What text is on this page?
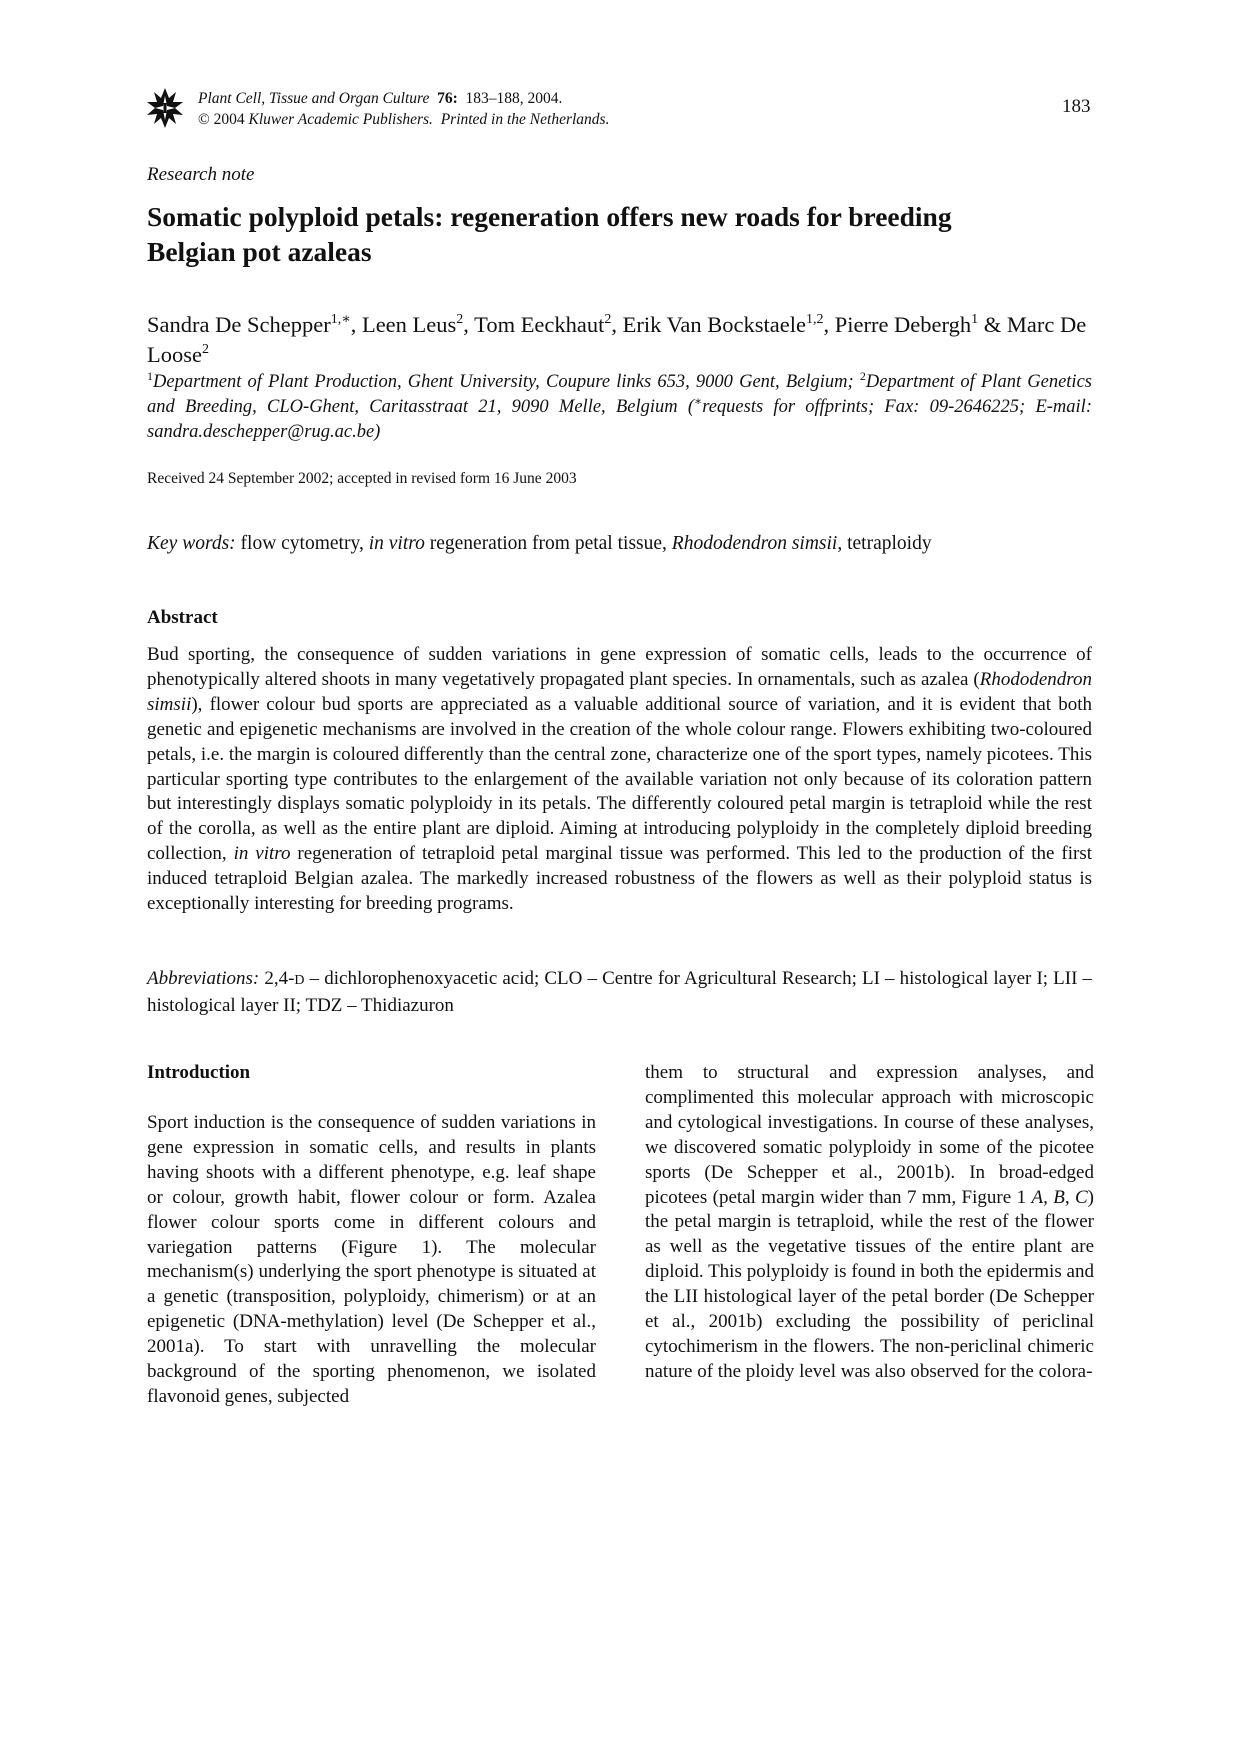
Plant Cell, Tissue and Organ Culture 76: 183–188, 2004.
© 2004 Kluwer Academic Publishers. Printed in the Netherlands.
183
Research note
Somatic polyploid petals: regeneration offers new roads for breeding
Belgian pot azaleas
Sandra De Schepper$^{1,∗}$, Leen Leus$^2$, Tom Eeckhaut$^2$, Erik Van Bockstaele$^{1,2}$, Pierre Debergh$^1$ & Marc De Loose$^2$
$^1$Department of Plant Production, Ghent University, Coupure links 653, 9000 Gent, Belgium; $^2$Department of Plant Genetics and Breeding, CLO-Ghent, Caritasstraat 21, 9090 Melle, Belgium (∗requests for offprints; Fax: 09-2646225; E-mail: sandra.deschepper@rug.ac.be)
Received 24 September 2002; accepted in revised form 16 June 2003
Key words: flow cytometry, in vitro regeneration from petal tissue, Rhododendron simsii, tetraploidy
Abstract
Bud sporting, the consequence of sudden variations in gene expression of somatic cells, leads to the occurrence of phenotypically altered shoots in many vegetatively propagated plant species. In ornamentals, such as azalea (Rhododendron simsii), flower colour bud sports are appreciated as a valuable additional source of variation, and it is evident that both genetic and epigenetic mechanisms are involved in the creation of the whole colour range. Flowers exhibiting two-coloured petals, i.e. the margin is coloured differently than the central zone, characterize one of the sport types, namely picotees. This particular sporting type contributes to the enlargement of the available variation not only because of its coloration pattern but interestingly displays somatic polyploidy in its petals. The differently coloured petal margin is tetraploid while the rest of the corolla, as well as the entire plant are diploid. Aiming at introducing polyploidy in the completely diploid breeding collection, in vitro regeneration of tetraploid petal marginal tissue was performed. This led to the production of the first induced tetraploid Belgian azalea. The markedly increased robustness of the flowers as well as their polyploid status is exceptionally interesting for breeding programs.
Abbreviations: 2,4-D – dichlorophenoxyacetic acid; CLO – Centre for Agricultural Research; LI – histological layer I; LII – histological layer II; TDZ – Thidiazuron
Introduction
Sport induction is the consequence of sudden variations in gene expression in somatic cells, and results in plants having shoots with a different phenotype, e.g. leaf shape or colour, growth habit, flower colour or form. Azalea flower colour sports come in different colours and variegation patterns (Figure 1). The molecular mechanism(s) underlying the sport phenotype is situated at a genetic (transposition, polyploidy, chimerism) or at an epigenetic (DNA-methylation) level (De Schepper et al., 2001a). To start with unravelling the molecular background of the sporting phenomenon, we isolated flavonoid genes, subjected
them to structural and expression analyses, and complimented this molecular approach with microscopic and cytological investigations. In course of these analyses, we discovered somatic polyploidy in some of the picotee sports (De Schepper et al., 2001b). In broad-edged picotees (petal margin wider than 7 mm, Figure 1 A, B, C) the petal margin is tetraploid, while the rest of the flower as well as the vegetative tissues of the entire plant are diploid. This polyploidy is found in both the epidermis and the LII histological layer of the petal border (De Schepper et al., 2001b) excluding the possibility of periclinal cytochimerism in the flowers. The non-periclinal chimeric nature of the ploidy level was also observed for the colora-
